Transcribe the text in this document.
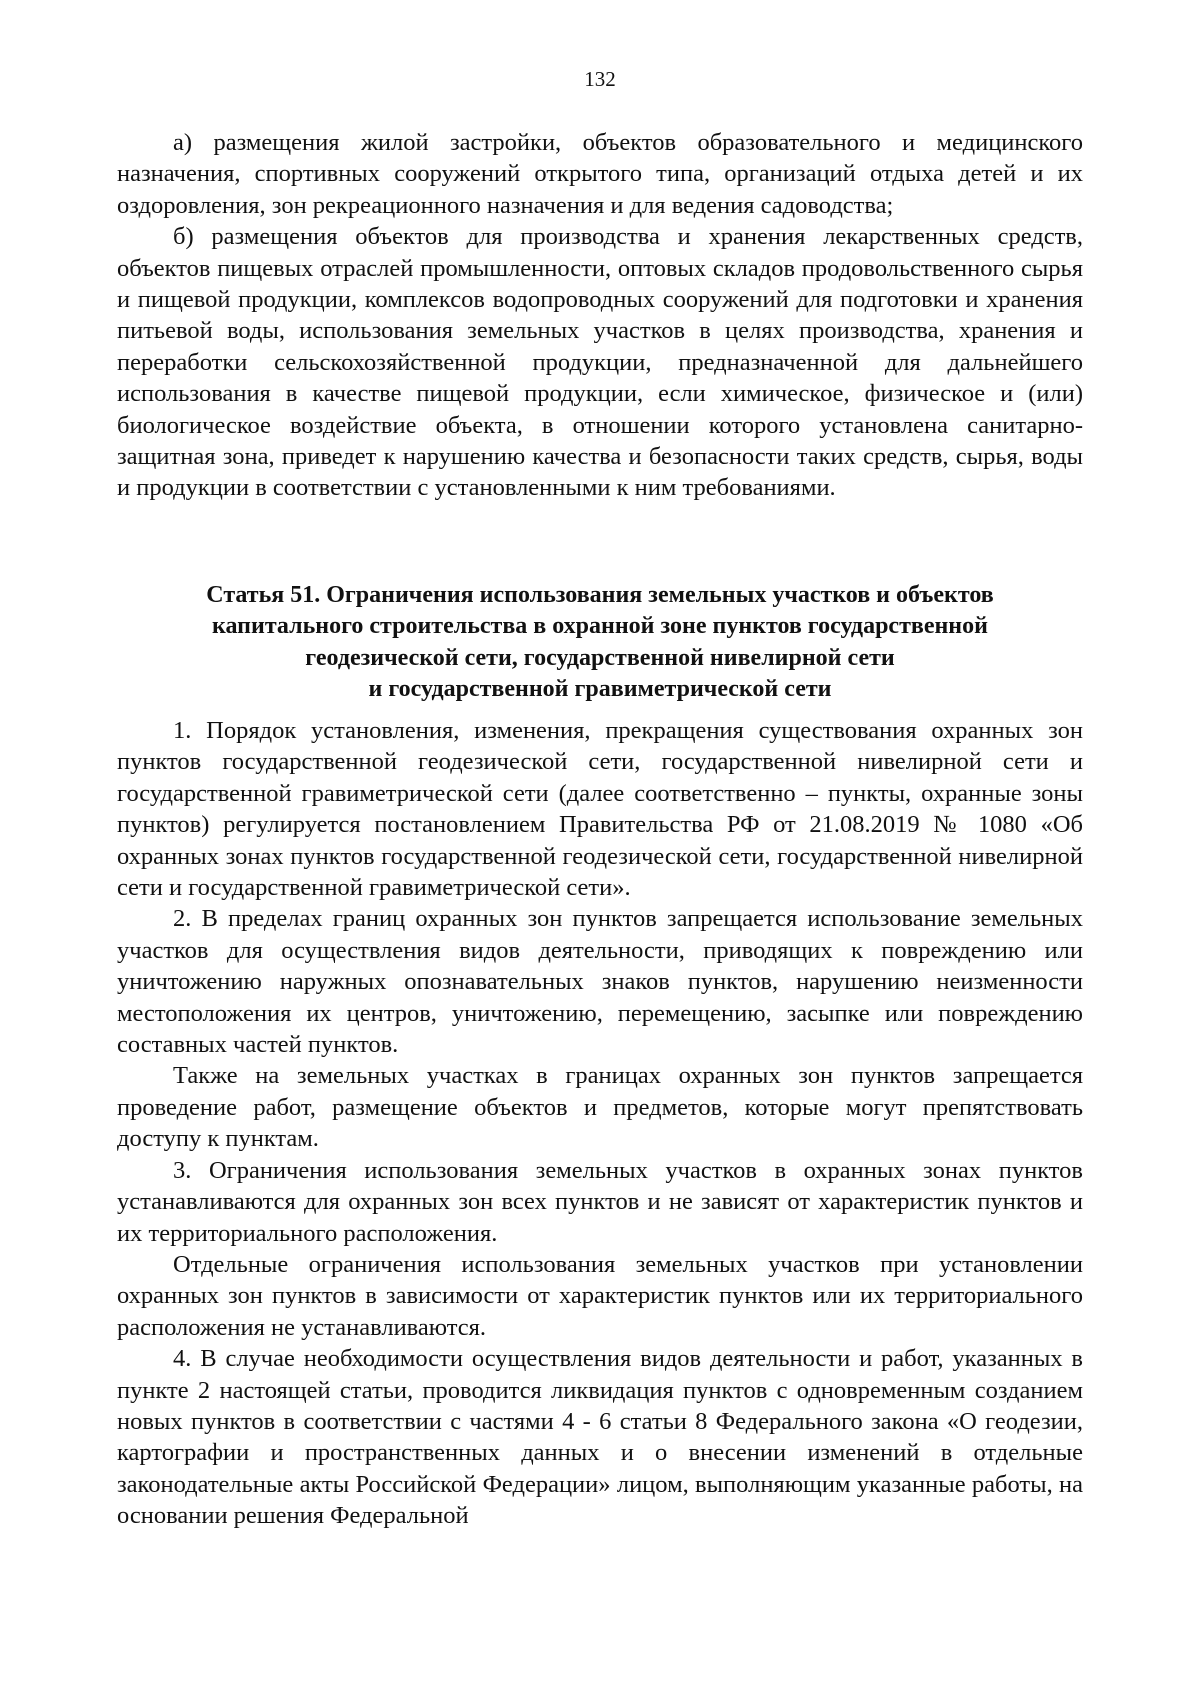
132

а) размещения жилой застройки, объектов образовательного и медицинского назначения, спортивных сооружений открытого типа, организаций отдыха детей и их оздоровления, зон рекреационного назначения и для ведения садоводства;

б) размещения объектов для производства и хранения лекарственных средств, объектов пищевых отраслей промышленности, оптовых складов продовольственного сырья и пищевой продукции, комплексов водопроводных сооружений для подготовки и хранения питьевой воды, использования земельных участков в целях производства, хранения и переработки сельскохозяйственной продукции, предназначенной для дальнейшего использования в качестве пищевой продукции, если химическое, физическое и (или) биологическое воздействие объекта, в отношении которого установлена санитарно-защитная зона, приведет к нарушению качества и безопасности таких средств, сырья, воды и продукции в соответствии с установленными к ним требованиями.

Статья 51. Ограничения использования земельных участков и объектов
капитального строительства в охранной зоне пунктов государственной
геодезической сети, государственной нивелирной сети
и государственной гравиметрической сети

1. Порядок установления, изменения, прекращения существования охранных зон пунктов государственной геодезической сети, государственной нивелирной сети и государственной гравиметрической сети (далее соответственно – пункты, охранные зоны пунктов) регулируется постановлением Правительства РФ от 21.08.2019 № 1080 «Об охранных зонах пунктов государственной геодезической сети, государственной нивелирной сети и государственной гравиметрической сети».

2. В пределах границ охранных зон пунктов запрещается использование земельных участков для осуществления видов деятельности, приводящих к повреждению или уничтожению наружных опознавательных знаков пунктов, нарушению неизменности местоположения их центров, уничтожению, перемещению, засыпке или повреждению составных частей пунктов.

Также на земельных участках в границах охранных зон пунктов запрещается проведение работ, размещение объектов и предметов, которые могут препятствовать доступу к пунктам.

3. Ограничения использования земельных участков в охранных зонах пунктов устанавливаются для охранных зон всех пунктов и не зависят от характеристик пунктов и их территориального расположения.

Отдельные ограничения использования земельных участков при установлении охранных зон пунктов в зависимости от характеристик пунктов или их территориального расположения не устанавливаются.

4. В случае необходимости осуществления видов деятельности и работ, указанных в пункте 2 настоящей статьи, проводится ликвидация пунктов с одновременным созданием новых пунктов в соответствии с частями 4 - 6 статьи 8 Федерального закона «О геодезии, картографии и пространственных данных и о внесении изменений в отдельные законодательные акты Российской Федерации» лицом, выполняющим указанные работы, на основании решения Федеральной
